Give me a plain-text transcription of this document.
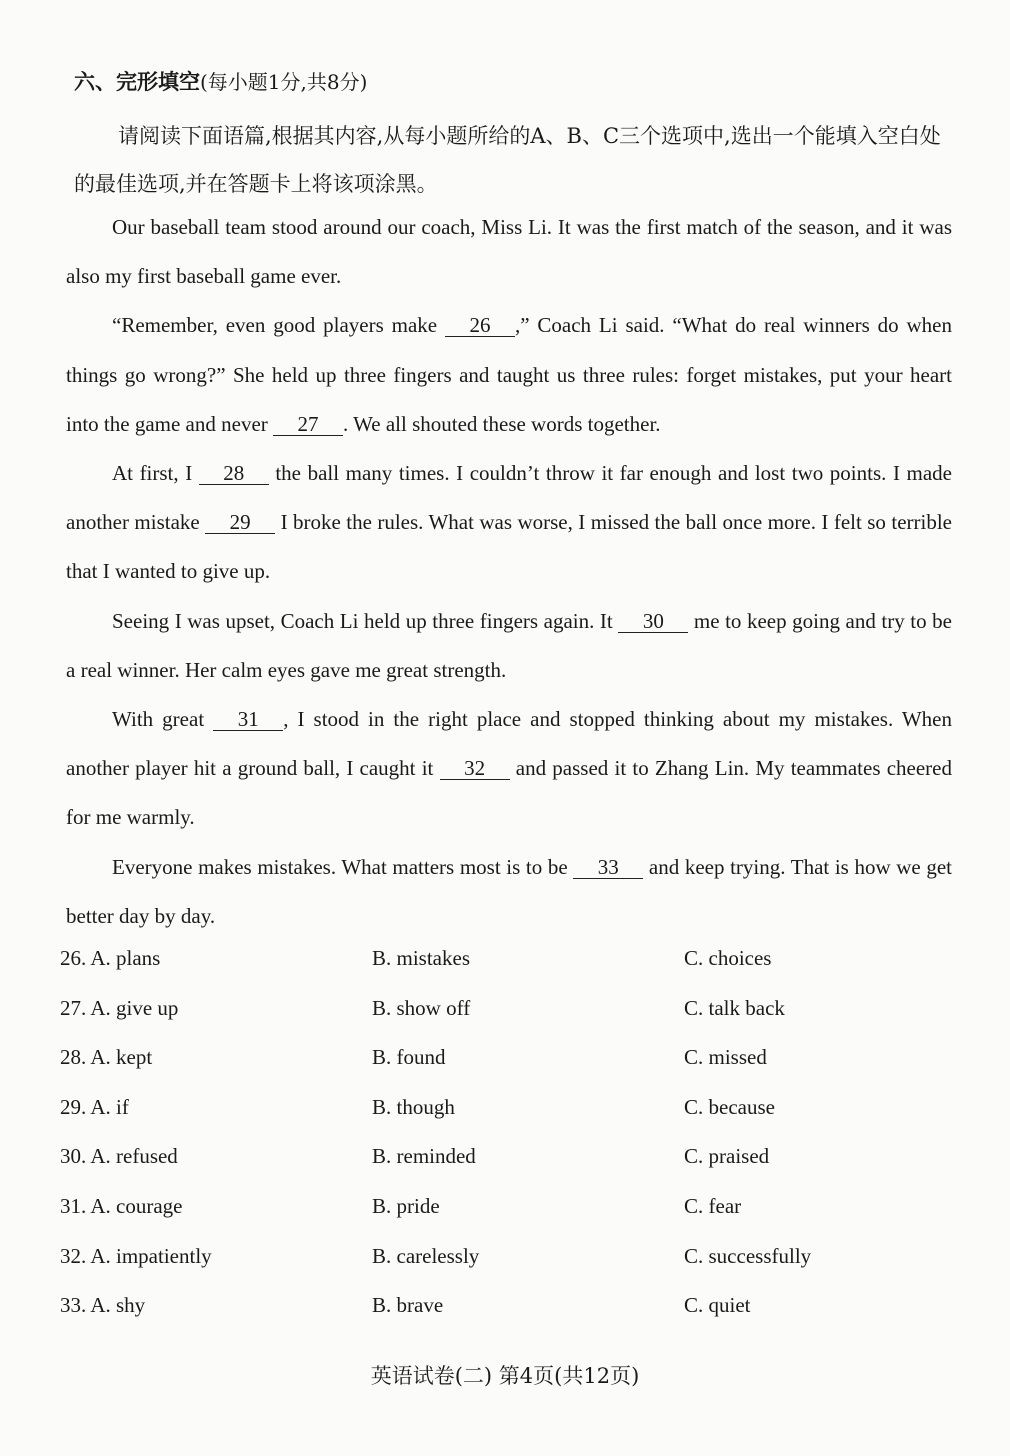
六、完形填空(每小题1分,共8分)
请阅读下面语篇,根据其内容,从每小题所给的A、B、C三个选项中,选出一个能填入空白处的最佳选项,并在答题卡上将该项涂黑。

Our baseball team stood around our coach, Miss Li. It was the first match of the season, and it was also my first baseball game ever.

“Remember, even good players make 26 ,” Coach Li said. “What do real winners do when things go wrong?” She held up three fingers and taught us three rules: forget mistakes, put your heart into the game and never 27 . We all shouted these words together.

At first, I 28 the ball many times. I couldn’t throw it far enough and lost two points. I made another mistake 29 I broke the rules. What was worse, I missed the ball once more. I felt so terrible that I wanted to give up.

Seeing I was upset, Coach Li held up three fingers again. It 30 me to keep going and try to be a real winner. Her calm eyes gave me great strength.

With great 31 , I stood in the right place and stopped thinking about my mistakes. When another player hit a ground ball, I caught it 32 and passed it to Zhang Lin. My teammates cheered for me warmly.

Everyone makes mistakes. What matters most is to be 33 and keep trying. That is how we get better day by day.

26. A. plans	B. mistakes	C. choices
27. A. give up	B. show off	C. talk back
28. A. kept	B. found	C. missed
29. A. if	B. though	C. because
30. A. refused	B. reminded	C. praised
31. A. courage	B. pride	C. fear
32. A. impatiently	B. carelessly	C. successfully
33. A. shy	B. brave	C. quiet
英语试卷(二) 第4页(共12页)
